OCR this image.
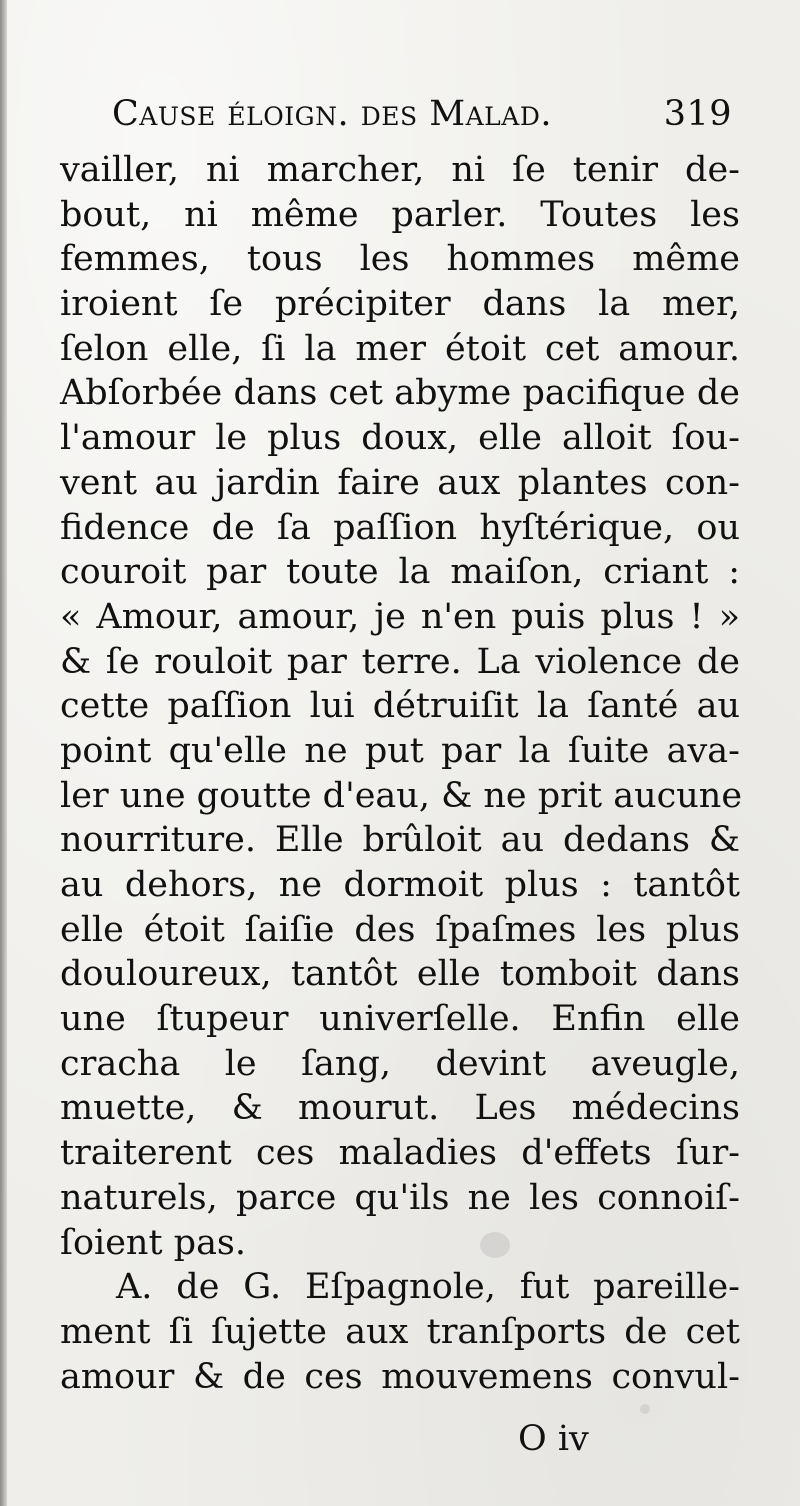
Cause éloign. des Malad.	319
vailler, ni marcher, ni ſe tenir de-
bout, ni même parler. Toutes les
femmes, tous les hommes même
iroient ſe précipiter dans la mer,
ſelon elle, ſi la mer étoit cet amour.
Abſorbée dans cet abyme pacifique de
l'amour le plus doux, elle alloit ſou-
vent au jardin faire aux plantes con-
fidence de ſa paſſion hyſtérique, ou
couroit par toute la maiſon, criant :
« Amour, amour, je n'en puis plus ! »
& ſe rouloit par terre. La violence de
cette paſſion lui détruiſit la ſanté au
point qu'elle ne put par la ſuite ava-
ler une goutte d'eau, & ne prit aucune
nourriture. Elle brûloit au dedans &
au dehors, ne dormoit plus : tantôt
elle étoit ſaiſie des ſpaſmes les plus
douloureux, tantôt elle tomboit dans
une ſtupeur univerſelle. Enfin elle
cracha le ſang, devint aveugle,
muette, & mourut. Les médecins
traiterent ces maladies d'effets ſur-
naturels, parce qu'ils ne les connoiſ-
ſoient pas.
A. de G. Eſpagnole, fut pareille-
ment ſi ſujette aux tranſports de cet
amour & de ces mouvemens convul-
O iv
